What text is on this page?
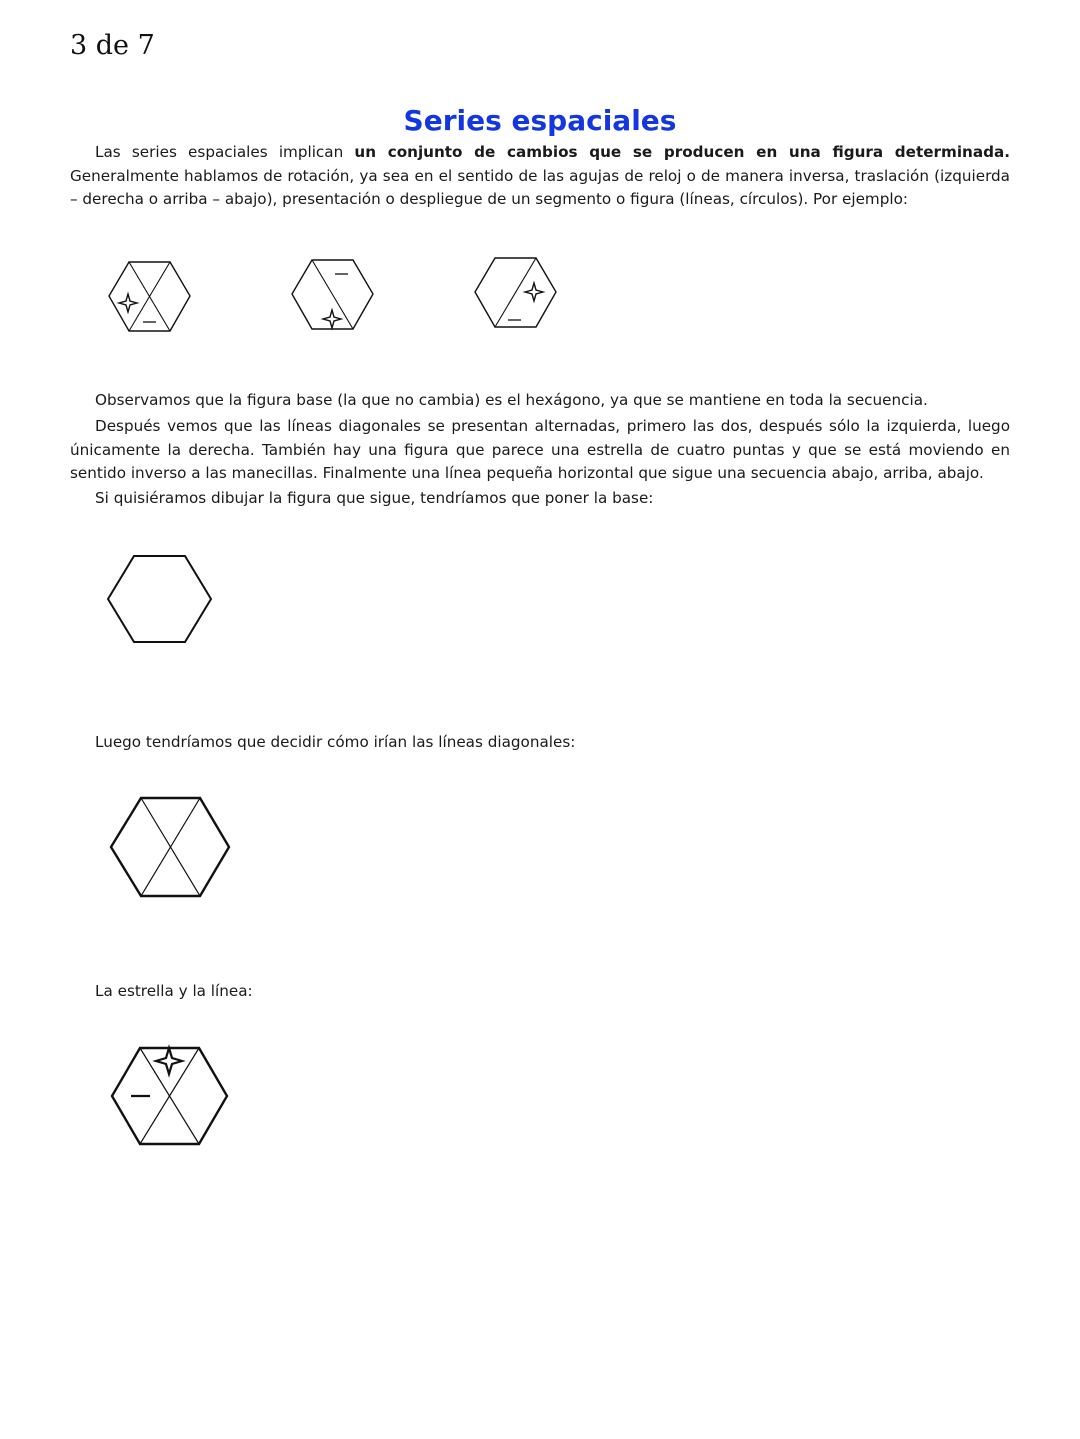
3 de 7
Series espaciales

Las series espaciales implican un conjunto de cambios que se producen en una figura determinada. Generalmente hablamos de rotación, ya sea en el sentido de las agujas de reloj o de manera inversa, traslación (izquierda – derecha o arriba – abajo), presentación o despliegue de un segmento o figura (líneas, círculos). Por ejemplo:

Observamos que la figura base (la que no cambia) es el hexágono, ya que se mantiene en toda la secuencia.

Después vemos que las líneas diagonales se presentan alternadas, primero las dos, después sólo la izquierda, luego únicamente la derecha. También hay una figura que parece una estrella de cuatro puntas y que se está moviendo en sentido inverso a las manecillas. Finalmente una línea pequeña horizontal que sigue una secuencia abajo, arriba, abajo.

Si quisiéramos dibujar la figura que sigue, tendríamos que poner la base:

Luego tendríamos que decidir cómo irían las líneas diagonales:

La estrella y la línea:
